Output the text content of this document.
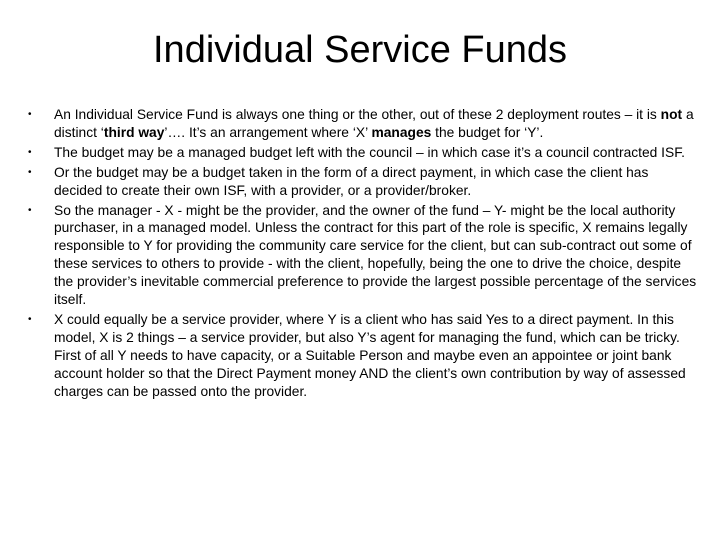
Individual Service Funds
•	An Individual Service Fund is always one thing or the other, out of these 2 deployment routes – it is not a distinct ‘third way’…. It’s an arrangement where ‘X’ manages the budget for ‘Y’.
•	The budget may be a managed budget left with the council – in which case it’s a council contracted ISF.
•	Or the budget may be a budget taken in the form of a direct payment, in which case the client has decided to create their own ISF, with a provider, or a provider/broker.
•	So the manager - X - might be the provider, and the owner of the fund – Y- might be the local authority purchaser, in a managed model. Unless the contract for this part of the role is specific, X remains legally responsible to Y for providing the community care service for the client, but can sub-contract out some of these services to others to provide - with the client, hopefully, being the one to drive the choice, despite the provider’s inevitable commercial preference to provide the largest possible percentage of the services itself.
•	X could equally be a service provider, where Y is a client who has said Yes to a direct payment. In this model, X is 2 things – a service provider, but also Y’s agent for managing the fund, which can be tricky. First of all Y needs to have capacity, or a Suitable Person and maybe even an appointee or joint bank account holder so that the Direct Payment money AND the client’s own contribution by way of assessed charges can be passed onto the provider.
